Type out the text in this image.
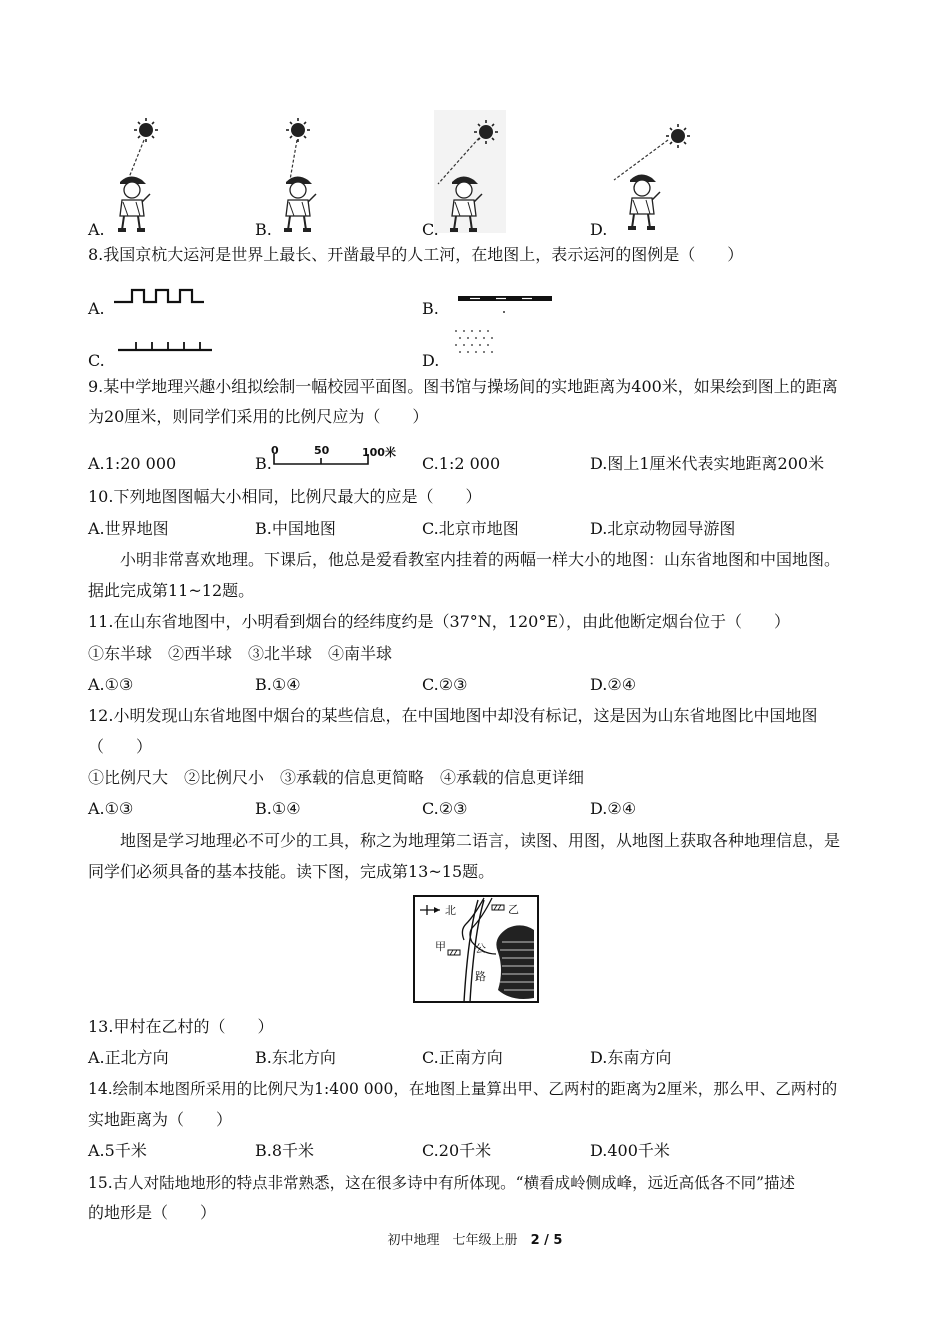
A.	B.	C.	D.
8.我国京杭大运河是世界上最长、开凿最早的人工河，在地图上，表示运河的图例是（　　）
A.	B.
C.	D.
9.某中学地理兴趣小组拟绘制一幅校园平面图。图书馆与操场间的实地距离为400米，如果绘到图上的距离
为20厘米，则同学们采用的比例尺应为（　　）
A.1:20 000	B.
0	50	100米
C.1:2 000	D.图上1厘米代表实地距离200米
10.下列地图图幅大小相同，比例尺最大的应是（　　）
A.世界地图	B.中国地图	C.北京市地图	D.北京动物园导游图
小明非常喜欢地理。下课后，他总是爱看教室内挂着的两幅一样大小的地图：山东省地图和中国地图。
据此完成第11~12题。
11.在山东省地图中，小明看到烟台的经纬度约是（37°N，120°E），由此他断定烟台位于（　　）
①东半球　②西半球　③北半球　④南半球
A.①③	B.①④	C.②③	D.②④
12.小明发现山东省地图中烟台的某些信息，在中国地图中却没有标记，这是因为山东省地图比中国地图
（　　）
①比例尺大　②比例尺小　③承载的信息更简略　④承载的信息更详细
A.①③	B.①④	C.②③	D.②④
地图是学习地理必不可少的工具，称之为地理第二语言，读图、用图，从地图上获取各种地理信息，是
同学们必须具备的基本技能。读下图，完成第13~15题。
北	乙
甲	公
路
13.甲村在乙村的（　　）
A.正北方向	B.东北方向	C.正南方向	D.东南方向
14.绘制本地图所采用的比例尺为1:400 000，在地图上量算出甲、乙两村的距离为2厘米，那么甲、乙两村的
实地距离为（　　）
A.5千米	B.8千米	C.20千米	D.400千米
15.古人对陆地地形的特点非常熟悉，这在很多诗中有所体现。“横看成岭侧成峰，远近高低各不同”描述
的地形是（　　）
初中地理　七年级上册　2 / 5
